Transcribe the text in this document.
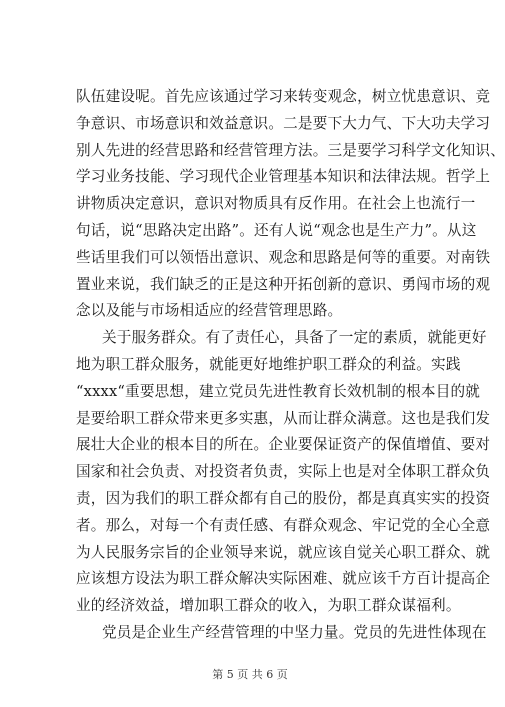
队伍建设呢。首先应该通过学习来转变观念，树立忧患意识、竞
争意识、市场意识和效益意识。二是要下大力气、下大功夫学习
别人先进的经营思路和经营管理方法。三是要学习科学文化知识、
学习业务技能、学习现代企业管理基本知识和法律法规。哲学上
讲物质决定意识，意识对物质具有反作用。在社会上也流行一
句话，说“思路决定出路”。还有人说“观念也是生产力”。从这
些话里我们可以领悟出意识、观念和思路是何等的重要。对南铁
置业来说，我们缺乏的正是这种开拓创新的意识、勇闯市场的观
念以及能与市场相适应的经营管理思路。
关于服务群众。有了责任心，具备了一定的素质，就能更好
地为职工群众服务，就能更好地维护职工群众的利益。实践
“xxxx“重要思想，建立党员先进性教育长效机制的根本目的就
是要给职工群众带来更多实惠，从而让群众满意。这也是我们发
展壮大企业的根本目的所在。企业要保证资产的保值增值、要对
国家和社会负责、对投资者负责，实际上也是对全体职工群众负
责，因为我们的职工群众都有自己的股份，都是真真实实的投资
者。那么，对每一个有责任感、有群众观念、牢记党的全心全意
为人民服务宗旨的企业领导来说，就应该自觉关心职工群众、就
应该想方设法为职工群众解决实际困难、就应该千方百计提高企
业的经济效益，增加职工群众的收入，为职工群众谋福利。
党员是企业生产经营管理的中坚力量。党员的先进性体现在
第 5 页 共 6 页
